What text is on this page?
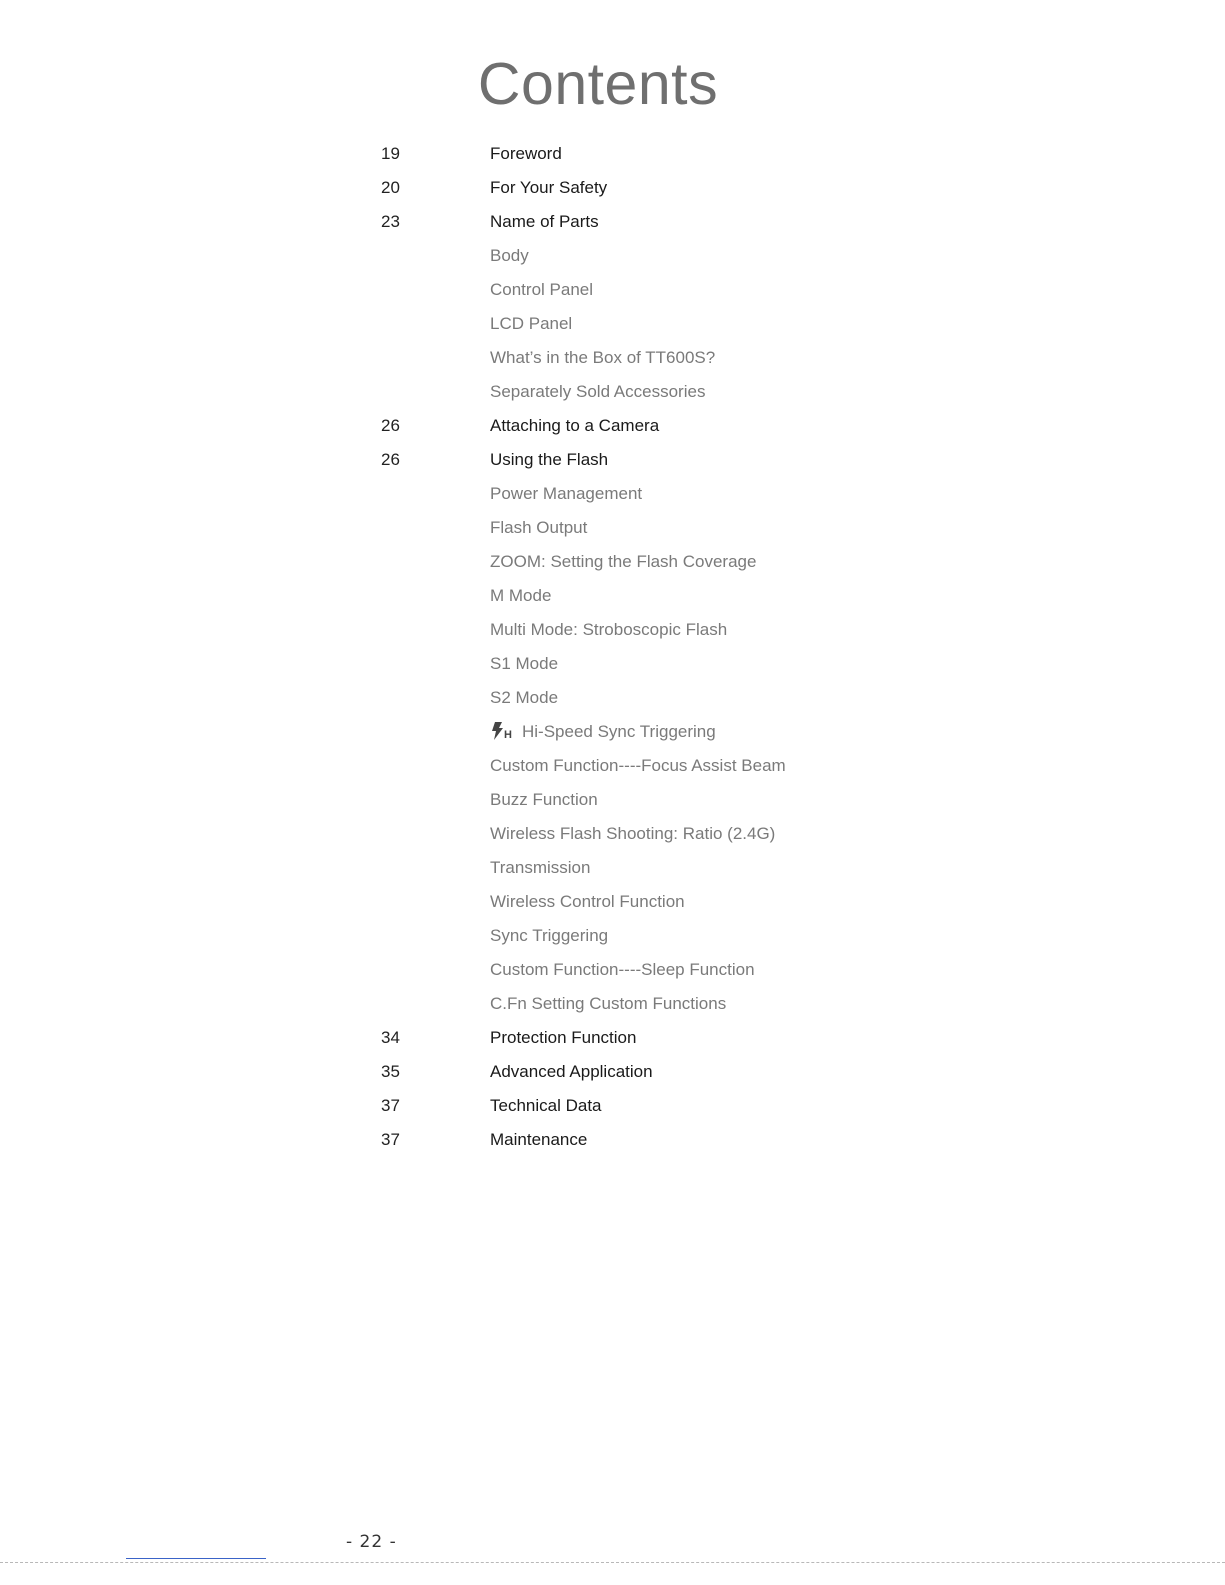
Contents
19	Foreword
20	For Your Safety
23	Name of Parts
Body
Control Panel
LCD Panel
What’s in the Box of TT600S?
Separately Sold Accessories
26	Attaching to a Camera
26	Using the Flash
Power Management
Flash Output
ZOOM: Setting the Flash Coverage
M Mode
Multi Mode: Stroboscopic Flash
S1 Mode
S2 Mode
H Hi-Speed Sync Triggering
Custom Function----Focus Assist Beam
Buzz Function
Wireless Flash Shooting: Ratio (2.4G)
Transmission
Wireless Control Function
Sync Triggering
Custom Function----Sleep Function
C.Fn Setting Custom Functions
34	Protection Function
35	Advanced Application
37	Technical Data
37	Maintenance
- 22 -
